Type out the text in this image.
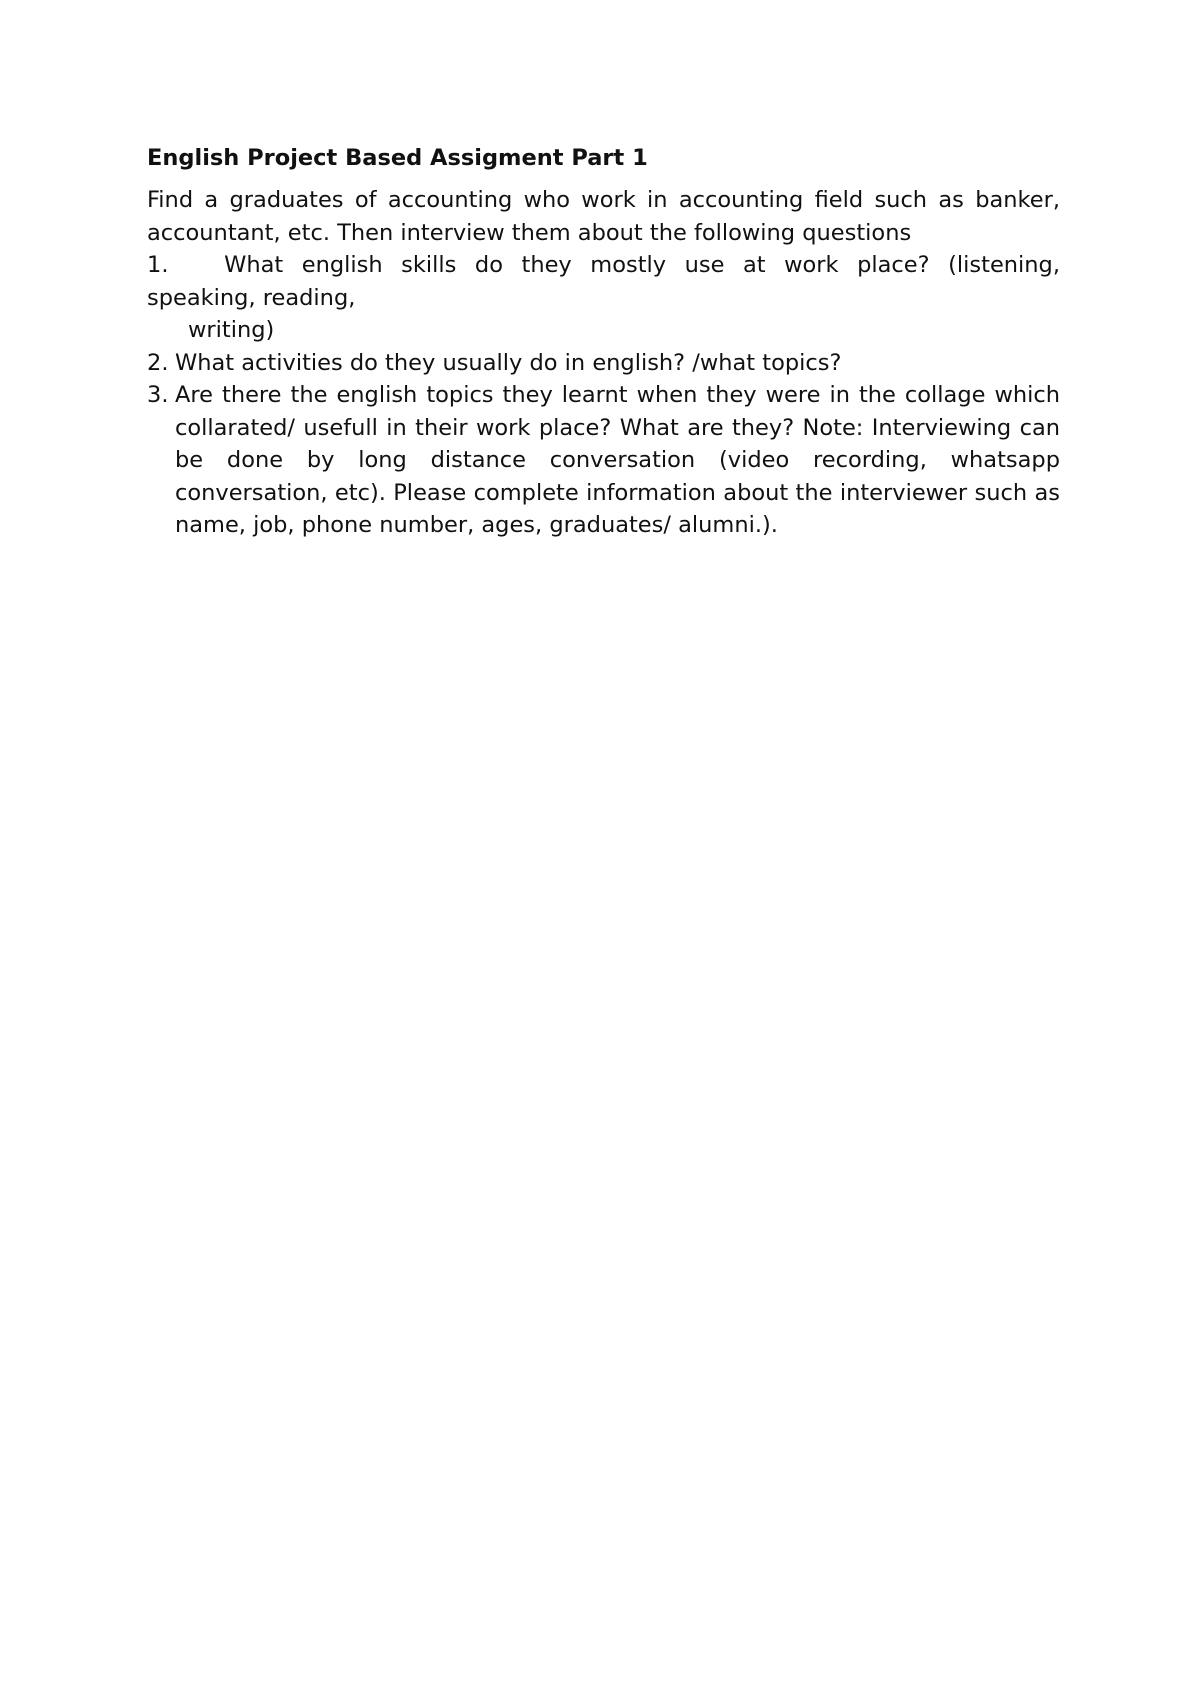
English Project Based Assigment Part 1

Find a graduates of accounting who work in accounting field such as banker, accountant, etc. Then interview them about the following questions

1. What english skills do they mostly use at work place? (listening,
speaking, reading,
writing)

2. What activities do they usually do in english? /what topics?

3. Are there the english topics they learnt when they were in the collage which collarated/ usefull in their work place? What are they? Note: Interviewing can be done by long distance conversation (video recording, whatsapp conversation, etc). Please complete information about the interviewer such as name, job, phone number, ages, graduates/ alumni.).
